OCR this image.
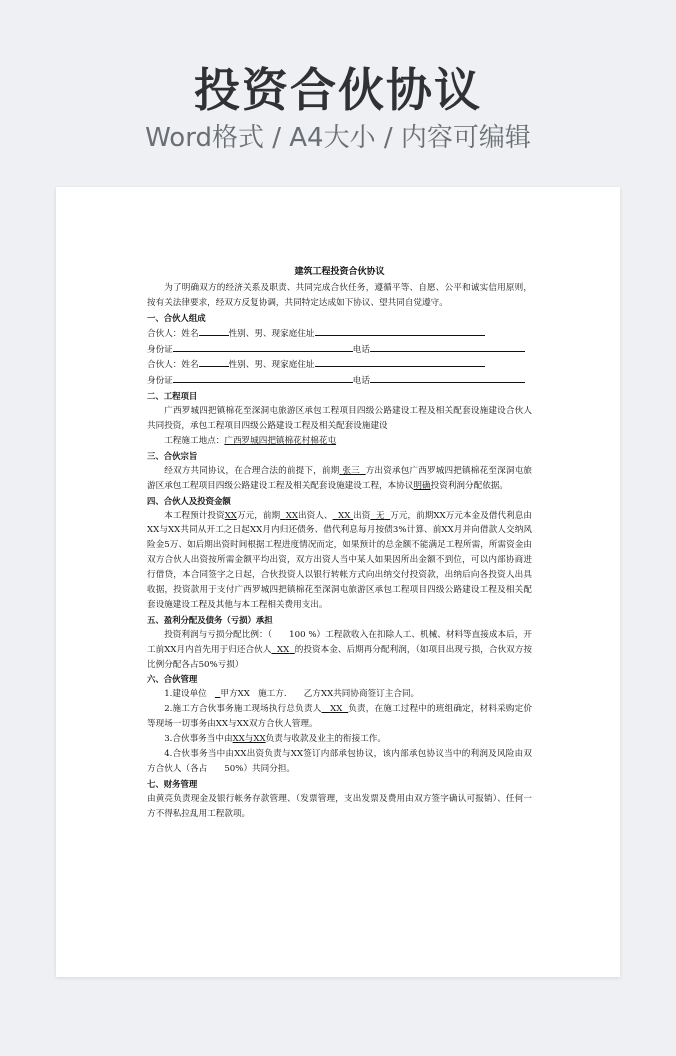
投资合伙协议
Word格式 / A4大小 / 内容可编辑

建筑工程投资合伙协议

为了明确双方的经济关系及职责、共同完成合伙任务，遵循平等、自愿、公平和诚实信用原则，按有关法律要求，经双方反复协调，共同特定达成如下协议、望共同自觉遵守。

一、合伙人组成

合伙人：姓名	性别、男、现家庭住址

身份证	电话

合伙人：姓名	性别、男、现家庭住址

身份证	电话

二、工程项目

广西罗城四把镇棉花至深洞屯旅游区承包工程项目四级公路建设工程及相关配套设施建设合伙人共同投资，承包工程项目四级公路建设工程及相关配套设施建设

工程施工地点：广西罗城四把镇棉花村棉花屯

三、合伙宗旨

经双方共同协议，在合理合法的前提下，前期 张三 方出资承包广西罗城四把镇棉花至深洞屯旅游区承包工程项目四级公路建设工程及相关配套设施建设工程，本协议明确投资利润分配依据。

四、合伙人及投资金额

本工程预计投资XX万元，前期 XX出资人、 XX 出资 无 万元，前期XX万元本金及借代利息由XX与XX共同从开工之日起XX月内归还债务、借代利息每月按债3%计算、前XX月并向借款人交纳风险金5万、如后期出资时间根据工程进度情况而定，如果预计的总金额不能满足工程所需，所需资金由双方合伙人出资按所需金额平均出资，双方出资人当中某人如果因所出金额不到位，可以内部协商进行借贷，本合同签字之日起，合伙投资人以银行转帐方式向出纳交付投资款，出纳后向各投资人出具收据，投资款用于支付广西罗城四把镇棉花至深洞屯旅游区承包工程项目四级公路建设工程及相关配套设施建设工程及其他与本工程相关费用支出。

五、盈利分配及债务（亏损）承担

投资利润与亏损分配比例：（　　100 %）工程款收入在扣除人工、机械、材料等直接成本后，开工前XX月内首先用于归还合伙人 XX 的投资本金、后期再分配利润，（如项目出现亏损，合伙双方按比例分配各占50%亏损）

六、合伙管理

1.建设单位 甲方XX 施工方.　　乙方XX共同协商签订主合同。

2.施工方合伙事务施工现场执行总负责人 XX 负责，在施工过程中的班组确定，材料采购定价等现场一切事务由XX与XX双方合伙人管理。

3.合伙事务当中由XX与XX负责与收款及业主的衔接工作。

4.合伙事务当中由XX出资负责与XX签订内部承包协议，该内部承包协议当中的利润及风险由双方合伙人（各占　　50%）共同分担。

七、财务管理

由黄亮负责现金及银行帐务存款管理、（发票管理，支出发票及费用由双方签字确认可报销）、任何一方不得私拉乱用工程款项。
